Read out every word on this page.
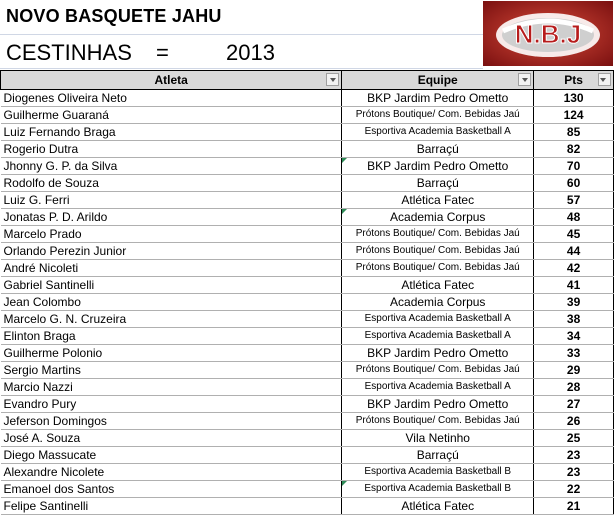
NOVO BASQUETE JAHU
CESTINHAS =	2013
N.B.J
Atleta	Equipe	Pts

Diogenes Oliveira Neto	BKP Jardim Pedro Ometto	130
Guilherme Guaraná	Prótons Boutique/ Com. Bebidas Jaú	124
Luiz Fernando Braga	Esportiva Academia Basketball A	85
Rogerio Dutra	Barraçú	82
Jhonny G. P. da Silva	BKP Jardim Pedro Ometto	70
Rodolfo de Souza	Barraçú	60
Luiz G. Ferri	Atlética Fatec	57
Jonatas P. D. Arildo	Academia Corpus	48
Marcelo Prado	Prótons Boutique/ Com. Bebidas Jaú	45
Orlando Perezin Junior	Prótons Boutique/ Com. Bebidas Jaú	44
André Nicoleti	Prótons Boutique/ Com. Bebidas Jaú	42
Gabriel Santinelli	Atlética Fatec	41
Jean Colombo	Academia Corpus	39
Marcelo G. N. Cruzeira	Esportiva Academia Basketball A	38
Elinton Braga	Esportiva Academia Basketball A	34
Guilherme Polonio	BKP Jardim Pedro Ometto	33
Sergio Martins	Prótons Boutique/ Com. Bebidas Jaú	29
Marcio Nazzi	Esportiva Academia Basketball A	28
Evandro Pury	BKP Jardim Pedro Ometto	27
Jeferson Domingos	Prótons Boutique/ Com. Bebidas Jaú	26
José A. Souza	Vila Netinho	25
Diego Massucate	Barraçú	23
Alexandre Nicolete	Esportiva Academia Basketball B	23
Emanoel dos Santos	Esportiva Academia Basketball B	22
Felipe Santinelli	Atlética Fatec	21
